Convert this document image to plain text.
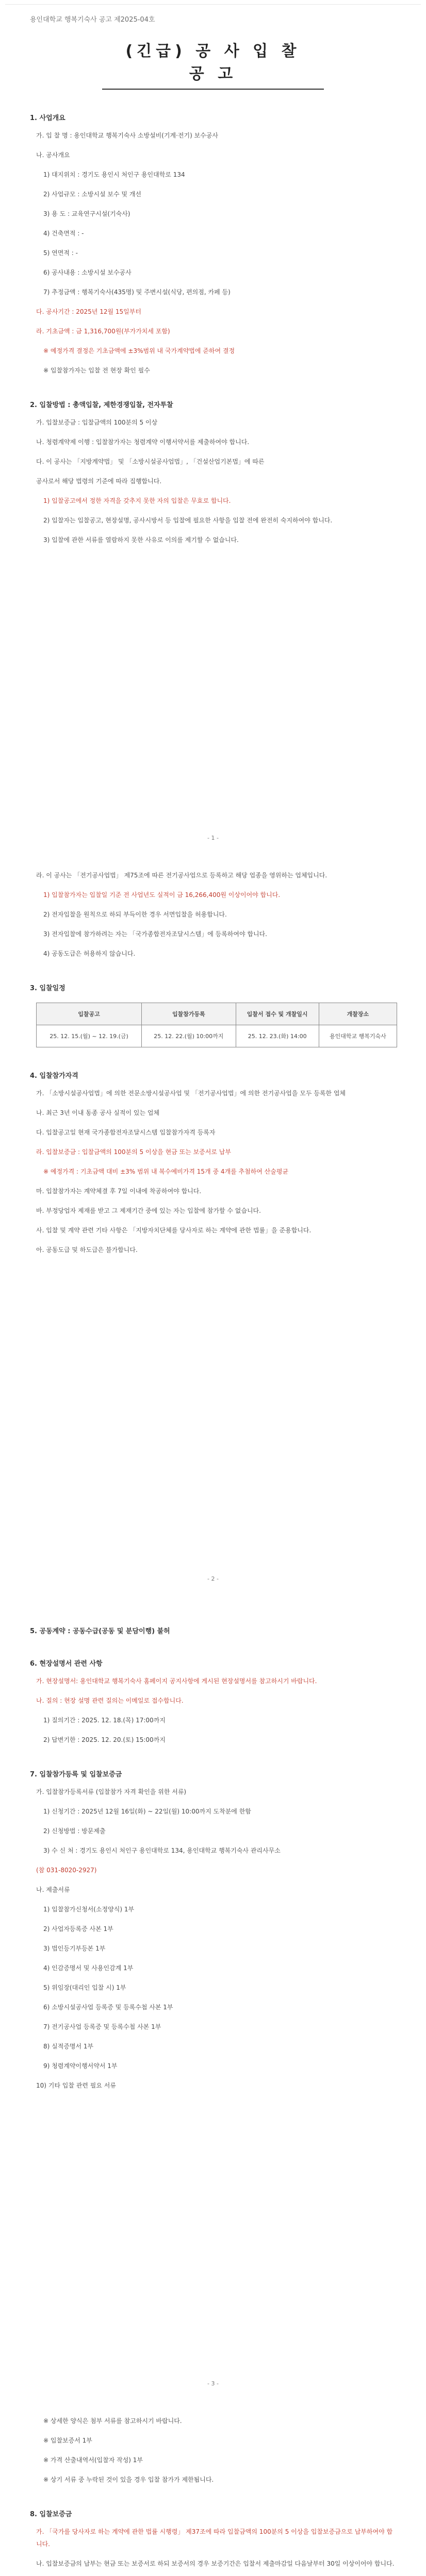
용인대학교 행복기숙사 공고 제2025-04호
(긴급) 공 사 입 찰 공 고
1. 사업개요
가. 입 찰 명 : 용인대학교 행복기숙사 소방설비(기계·전기) 보수공사
나. 공사개요
1) 대지위치 : 경기도 용인시 처인구 용인대학로 134
2) 사업규모 : 소방시설 보수 및 개선
3) 용 도 : 교육연구시설(기숙사)
4) 건축면적 : -
5) 연면적 : -
6) 공사내용 : 소방시설 보수공사
7) 추정금액 : 행복기숙사(435명) 및 주변시설(식당, 편의점, 카페 등)
다. 공사기간 : 2025년 12월 15일부터
라. 기초금액 : 금 1,316,700원(부가가치세 포함)
※ 예정가격 결정은 기초금액에 ±3%범위 내 국가계약법에 준하여 결정
※ 입찰참가자는 입찰 전 현장 확인 필수
2. 입찰방법 : 총액입찰, 제한경쟁입찰, 전자투찰
가. 입찰보증금 : 입찰금액의 100분의 5 이상
나. 청렴계약제 이행 : 입찰참가자는 청렴계약 이행서약서를 제출하여야 합니다.
다. 이 공사는 「지방계약법」 및 「소방시설공사업법」, 「건설산업기본법」에 따른
공사로서 해당 법령의 기준에 따라 집행합니다.
1) 입찰공고에서 정한 자격을 갖추지 못한 자의 입찰은 무효로 합니다.
2) 입찰자는 입찰공고, 현장설명, 공사시방서 등 입찰에 필요한 사항을 입찰 전에 완전히 숙지하여야 합니다.
3) 입찰에 관한 서류를 열람하지 못한 사유로 이의를 제기할 수 없습니다.
- 1 -
라. 이 공사는 「전기공사업법」 제75조에 따른 전기공사업으로 등록하고 해당 업종을 영위하는 업체입니다.
1) 입찰참가자는 입찰일 기준 전 사업년도 실적이 금 16,266,400원 이상이어야 합니다.
2) 전자입찰을 원칙으로 하되 부득이한 경우 서면입찰을 허용합니다.
3) 전자입찰에 참가하려는 자는 「국가종합전자조달시스템」에 등록하여야 합니다.
4) 공동도급은 허용하지 않습니다.
3. 입찰일정
입찰공고	입찰참가등록	입찰서 접수 및 개찰일시	개찰장소
25. 12. 15.(월) ~ 12. 19.(금)	25. 12. 22.(월) 10:00까지	25. 12. 23.(화) 14:00	용인대학교 행복기숙사
4. 입찰참가자격
가. 「소방시설공사업법」에 의한 전문소방시설공사업 및 「전기공사업법」에 의한 전기공사업을 모두 등록한 업체
나. 최근 3년 이내 동종 공사 실적이 있는 업체
다. 입찰공고일 현재 국가종합전자조달시스템 입찰참가자격 등록자
라. 입찰보증금 : 입찰금액의 100분의 5 이상을 현금 또는 보증서로 납부
※ 예정가격 : 기초금액 대비 ±3% 범위 내 복수예비가격 15개 중 4개를 추첨하여 산술평균
마. 입찰참가자는 계약체결 후 7일 이내에 착공하여야 합니다.
바. 부정당업자 제재를 받고 그 제재기간 중에 있는 자는 입찰에 참가할 수 없습니다.
사. 입찰 및 계약 관련 기타 사항은 「지방자치단체를 당사자로 하는 계약에 관한 법률」을 준용합니다.
아. 공동도급 및 하도급은 불가합니다.
- 2 -
5. 공동계약 : 공동수급(공동 및 분담이행) 불허
6. 현장설명서 관련 사항
가. 현장설명서: 용인대학교 행복기숙사 홈페이지 공지사항에 게시된 현장설명서를 참고하시기 바랍니다.
나. 질의 : 현장 설명 관련 질의는 이메일로 접수합니다.
1) 질의기간 : 2025. 12. 18.(목) 17:00까지
2) 답변기한 : 2025. 12. 20.(토) 15:00까지
7. 입찰참가등록 및 입찰보증금
가. 입찰참가등록서류 (입찰참가 자격 확인을 위한 서류)
1) 신청기간 : 2025년 12월 16일(화) ~ 22일(월) 10:00까지 도착분에 한함
2) 신청방법 : 방문제출
3) 수 신 처 : 경기도 용인시 처인구 용인대학로 134, 용인대학교 행복기숙사 관리사무소
(참 031-8020-2927)
나. 제출서류
1) 입찰참가신청서(소정양식) 1부
2) 사업자등록증 사본 1부
3) 법인등기부등본 1부
4) 인감증명서 및 사용인감계 1부
5) 위임장(대리인 입찰 시) 1부
6) 소방시설공사업 등록증 및 등록수첩 사본 1부
7) 전기공사업 등록증 및 등록수첩 사본 1부
8) 실적증명서 1부
9) 청렴계약이행서약서 1부
10) 기타 입찰 관련 필요 서류
- 3 -
※ 상세한 양식은 첨부 서류를 참고하시기 바랍니다.
※ 입찰보증서 1부
※ 가격 산출내역서(입찰자 작성) 1부
※ 상기 서류 중 누락된 것이 있을 경우 입찰 참가가 제한됩니다.
8. 입찰보증금
가. 「국가를 당사자로 하는 계약에 관한 법률 시행령」 제37조에 따라 입찰금액의 100분의 5 이상을 입찰보증금으로 납부하여야 합니다.
나. 입찰보증금의 납부는 현금 또는 보증서로 하되 보증서의 경우 보증기간은 입찰서 제출마감일 다음날부터 30일 이상이어야 합니다.
